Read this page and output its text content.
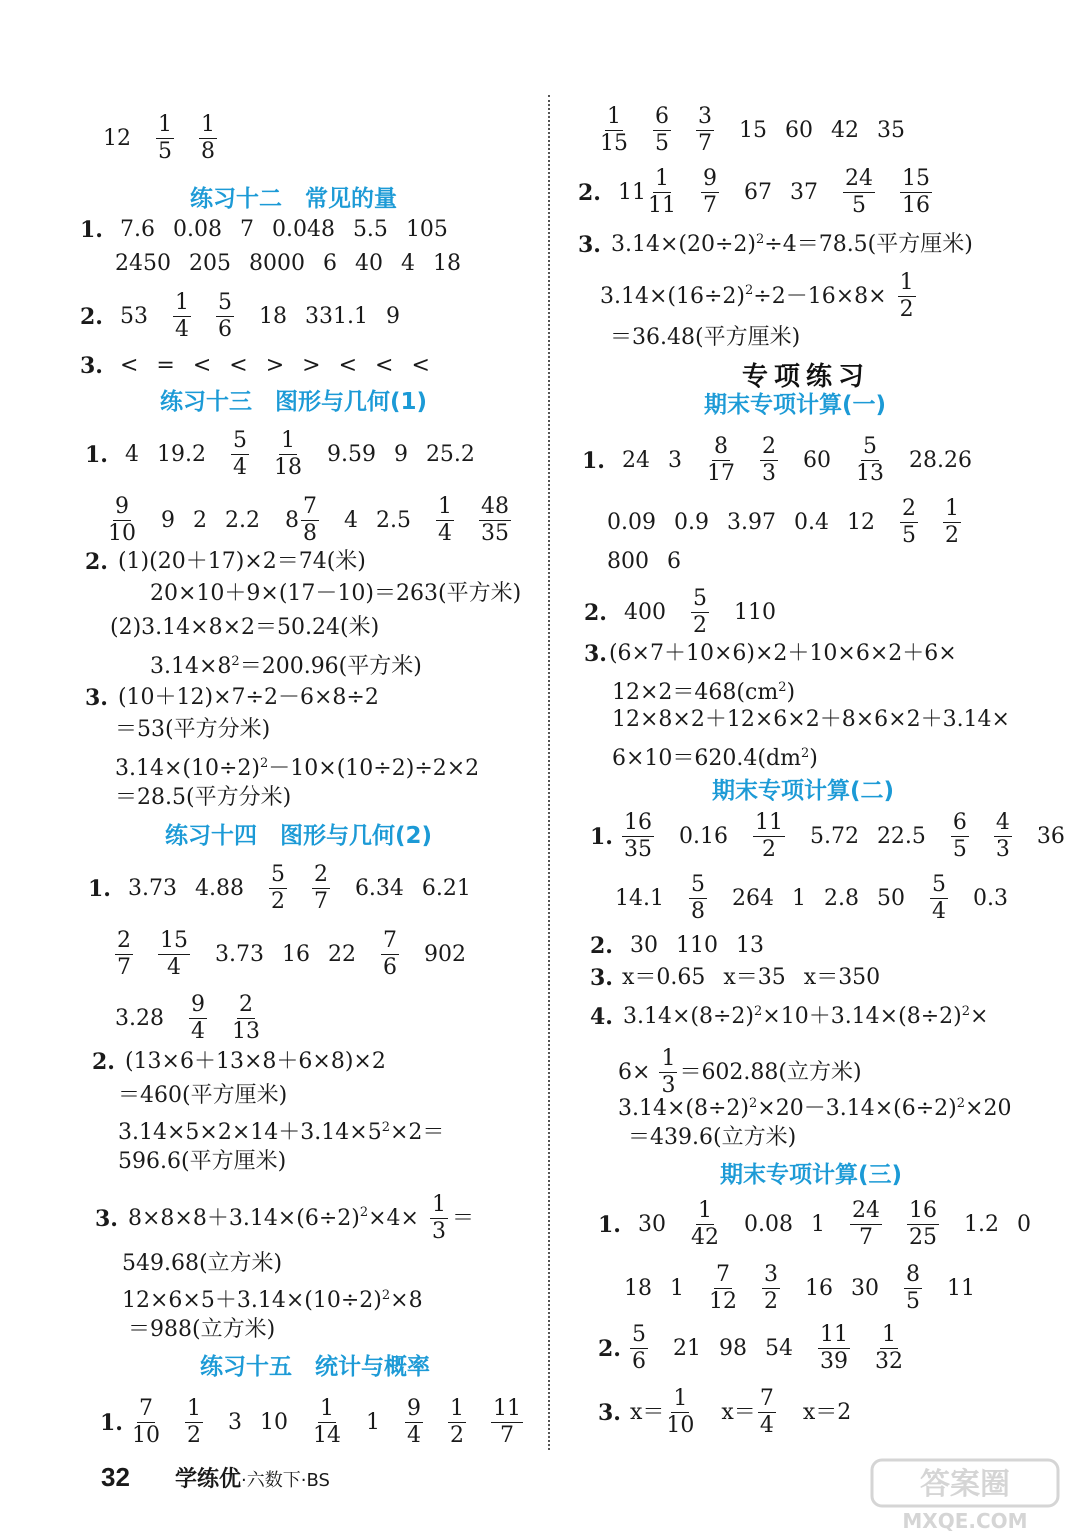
$12 \frac{1}{5}$
$\frac{1}{8}$
练习十二　常见的量
1. 7.6 0.08 7 0.048 5.5 105
2450 205 8000 6 40 4 18
2. $53 \frac{1}{4}$
$\frac{5}{6} 18$ 331.1 9
3. < = < < > > < < <
练习十三　图形与几何(1)
1. 4 $19.2 \frac{5}{4}$
$\frac{1}{18} 9.59$ 9 25.2
$\frac{9}{10} 9$ 2 2.2 $8 \frac{7}{8} 4$ $2.5 \frac{1}{4}$
$\frac{48}{35}$
2. (1)(20＋17)×2＝74(米)
20×10＋9×(17－10)＝263(平方米)
(2)3.14×8×2＝50.24(米)
$3.14\times 8^2=200.96$(平方米)
3. (10＋12)×7÷2－6×8÷2
＝53(平方分米)
$3.14\times(10\div 2)^2-10\times(10\div 2)\div 2\times 2$
＝28.5(平方分米)
练习十四　图形与几何(2)
1. 3.73 $4.88 \frac{5}{2}$
$\frac{2}{7} 6.34$ 6.21
$\frac{2}{7}$
$\frac{15}{4} 3.73$ 16 $22 \frac{7}{6} 902$
$3.28 \frac{9}{4}$
$\frac{2}{13}$
2. (13×6＋13×8＋6×8)×2
＝460(平方厘米)
$3.14\times 5\times 2\times 14+3.14\times 5^2\times 2=$
596.6(平方厘米)
3. $8\times 8\times 8+3.14\times(6\div 2)^2\times 4\times \frac{1}{3}$ ＝
549.68(立方米)
$12\times 6\times 5+3.14\times(10\div 2)^2\times 8$
＝988(立方米)
练习十五　统计与概率
1. $\frac{7}{10}$
$\frac{1}{2} 3$ $10 \frac{1}{14} 1 \frac{9}{4}$
$\frac{1}{2}$
$\frac{11}{7}$
$\frac{1}{15}$
$\frac{6}{5}$
$\frac{3}{7} 15$ 60 42 35
2. $11 \frac{1}{11}$
$\frac{9}{7} 67$ $37 \frac{24}{5}$
$\frac{15}{16}$
3. $3.14\times(20\div 2)^2\div 4=78.5$(平方厘米)
$3.14\times(16\div 2)^2\div 2-16\times 8\times \frac{1}{2}$
＝36.48(平方厘米)
专项练习
期末专项计算(一)
1. 24 $3 \frac{8}{17}$
$\frac{2}{3} 60 \frac{5}{13} 28.26$
0.09 0.9 3.97 0.4 $12 \frac{2}{5}$
$\frac{1}{2}$
800 6
2. $400 \frac{5}{2} 110$
3.(6×7＋10×6)×2＋10×6×2＋6×
$12\times 2=468(cm^2)$
12×8×2＋12×6×2＋8×6×2＋3.14×
$6\times 10=620.4(dm^2)$
期末专项计算(二)
1. $\frac{16}{35} 0.16 \frac{11}{2} 5.72$ $22.5 \frac{6}{5}$
$\frac{4}{3} 36$
$14.1 \frac{5}{8} 264$ 1 2.8 $50 \frac{5}{4} 0.3$
2. 30 110 13
3. x＝0.65 x＝35 x＝350
4. $3.14\times(8\div 2)^2\times 10+3.14\times(8\div 2)^2\times$
$6\times \frac{1}{3} =602.88$(立方米)
$3.14\times(8\div 2)^2\times 20-3.14\times(6\div 2)^2\times 20$
＝439.6(立方米)
期末专项计算(三)
1. $30 \frac{1}{42} 0.08$ $1 \frac{24}{7}$
$\frac{16}{25} 1.2$ 0
18 $1 \frac{7}{12}$
$\frac{3}{2} 16$ $30 \frac{8}{5} 11$
2. $\frac{5}{6} 21$ 98 $54 \frac{11}{39}$
$\frac{1}{32}$
3. $x= \frac{1}{10} x= \frac{7}{4} x=2$
32 学练优·六数下·BS	答案圈
MXQE.COM
